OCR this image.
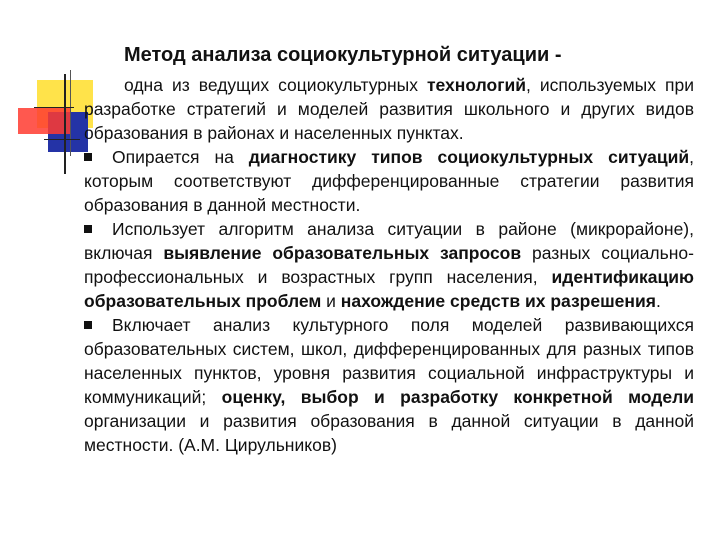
Метод анализа социокультурной ситуации -

одна из ведущих социокультурных технологий, используемых при разработке стратегий и моделей развития школьного и других видов образования в районах и населенных пунктах.

Опирается на диагностику типов социокультурных ситуаций, которым соответствуют дифференцированные стратегии развития образования в данной местности.

Использует алгоритм анализа ситуации в районе (микрорайоне), включая выявление образовательных запросов разных социально-профессиональных и возрастных групп населения, идентификацию образовательных проблем и нахождение средств их разрешения.

Включает анализ культурного поля моделей развивающихся образовательных систем, школ, дифференцированных для разных типов населенных пунктов, уровня развития социальной инфраструктуры и коммуникаций; оценку, выбор и разработку конкретной модели организации и развития образования в данной ситуации в данной местности. (А.М. Цирульников)
